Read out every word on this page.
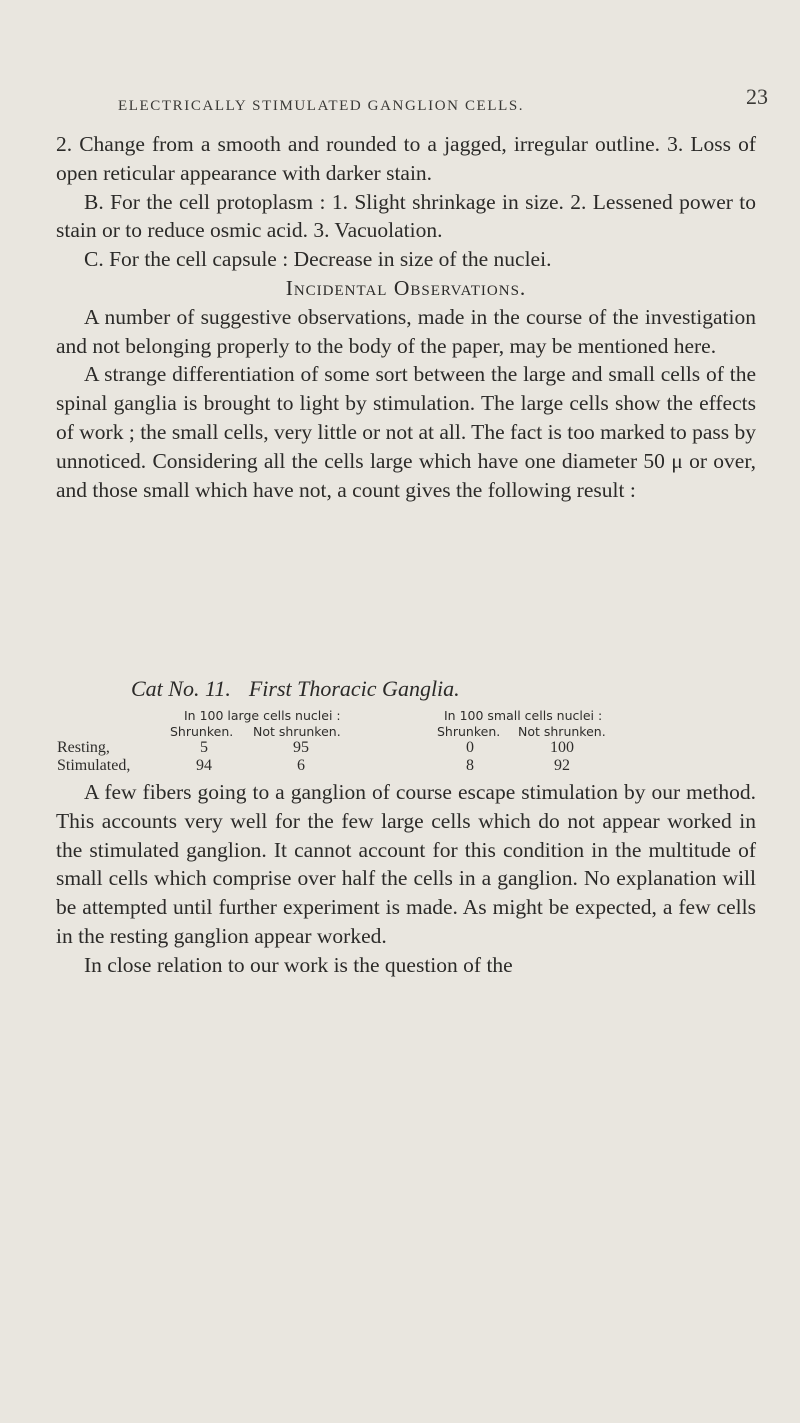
ELECTRICALLY STIMULATED GANGLION CELLS.	23

2. Change from a smooth and rounded to a jagged, irregular outline. 3. Loss of open reticular appearance with darker stain.

B. For the cell protoplasm : 1. Slight shrinkage in size. 2. Lessened power to stain or to reduce osmic acid. 3. Vacuolation.

C. For the cell capsule : Decrease in size of the nuclei.

Incidental Observations.

A number of suggestive observations, made in the course of the investigation and not belonging properly to the body of the paper, may be mentioned here.

A strange differentiation of some sort between the large and small cells of the spinal ganglia is brought to light by stimulation. The large cells show the effects of work ; the small cells, very little or not at all. The fact is too marked to pass by unnoticed. Considering all the cells large which have one diameter 50 μ or over, and those small which have not, a count gives the following result :

Cat No. 11. First Thoracic Ganglia.
In 100 large cells nuclei :	In 100 small cells nuclei :
Shrunken. Not shrunken.	Shrunken. Not shrunken.
Resting,	5	95	0	100
Stimulated,	94	6	8	92

A few fibers going to a ganglion of course escape stimulation by our method. This accounts very well for the few large cells which do not appear worked in the stimulated ganglion. It cannot account for this condition in the multitude of small cells which comprise over half the cells in a ganglion. No explanation will be attempted until further experiment is made. As might be expected, a few cells in the resting ganglion appear worked.

In close relation to our work is the question of the
